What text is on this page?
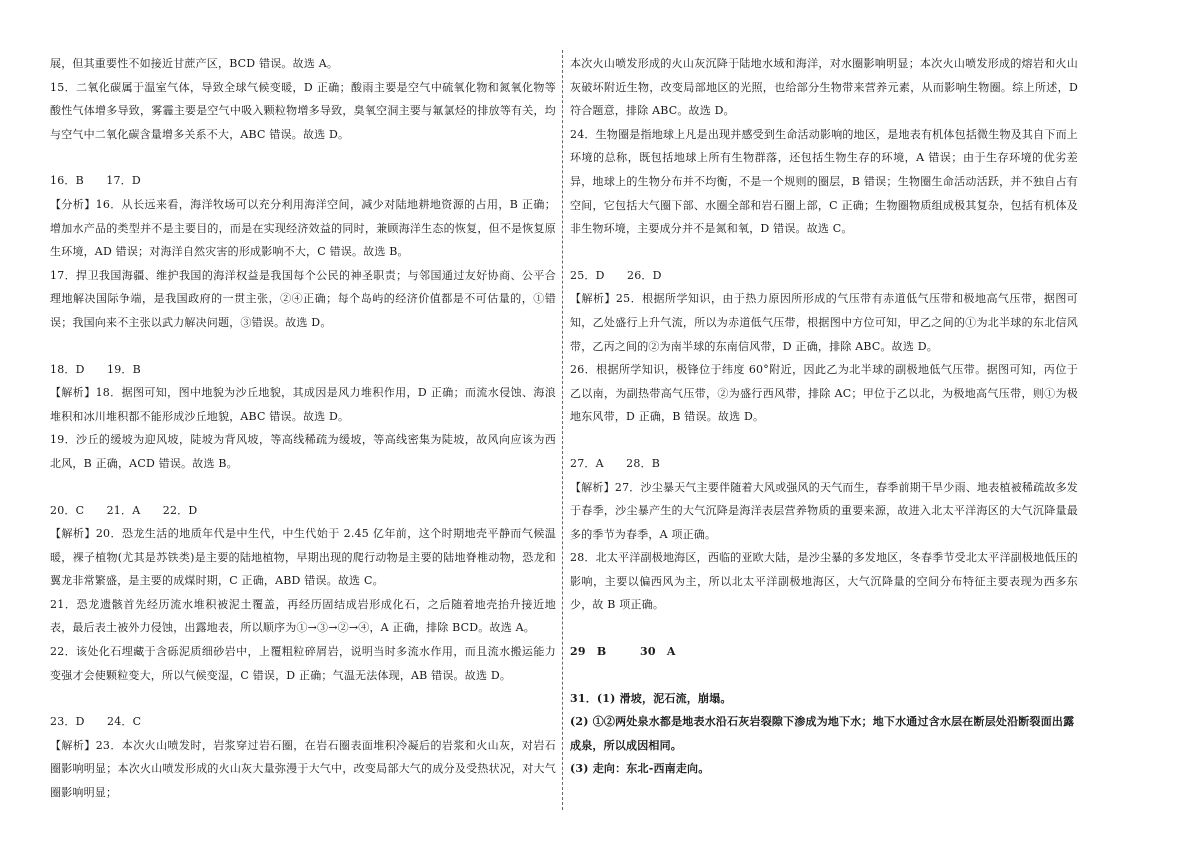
展，但其重要性不如接近甘蔗产区，BCD 错误。故选 A。

15．二氧化碳属于温室气体，导致全球气候变暖，D 正确；酸雨主要是空气中硫氧化物和氮氧化物等酸性气体增多导致，雾霾主要是空气中吸入颗粒物增多导致，臭氧空洞主要与氟氯烃的排放等有关，均与空气中二氧化碳含量增多关系不大，ABC 错误。故选 D。

16．B　　17．D

【分析】16．从长远来看，海洋牧场可以充分利用海洋空间，减少对陆地耕地资源的占用，B 正确；增加水产品的类型并不是主要目的，而是在实现经济效益的同时，兼顾海洋生态的恢复，但不是恢复原生环境，AD 错误；对海洋自然灾害的形成影响不大，C 错误。故选 B。

17．捍卫我国海疆、维护我国的海洋权益是我国每个公民的神圣职责；与邻国通过友好协商、公平合理地解决国际争端，是我国政府的一贯主张，②④正确；每个岛屿的经济价值都是不可估量的，①错误；我国向来不主张以武力解决问题，③错误。故选 D。

18．D　　19．B

【解析】18．据图可知，图中地貌为沙丘地貌，其成因是风力堆积作用，D 正确；而流水侵蚀、海浪堆积和冰川堆积都不能形成沙丘地貌，ABC 错误。故选 D。

19．沙丘的缓坡为迎风坡，陡坡为背风坡，等高线稀疏为缓坡，等高线密集为陡坡，故风向应该为西北风，B 正确，ACD 错误。故选 B。

20．C　　21．A　　22．D

【解析】20．恐龙生活的地质年代是中生代，中生代始于 2.45 亿年前，这个时期地壳平静而气候温暖，裸子植物(尤其是苏铁类)是主要的陆地植物，早期出现的爬行动物是主要的陆地脊椎动物，恐龙和翼龙非常繁盛，是主要的成煤时期，C 正确，ABD 错误。故选 C。

21．恐龙遗骸首先经历流水堆积被泥土覆盖，再经历固结成岩形成化石，之后随着地壳抬升接近地表，最后表土被外力侵蚀，出露地表，所以顺序为①→③→②→④，A 正确，排除 BCD。故选 A。

22．该处化石埋藏于含砾泥质细砂岩中，上覆粗粒碎屑岩，说明当时多流水作用，而且流水搬运能力变强才会使颗粒变大，所以气候变湿，C 错误，D 正确；气温无法体现，AB 错误。故选 D。

23．D　　24．C

【解析】23．本次火山喷发时，岩浆穿过岩石圈，在岩石圈表面堆积冷凝后的岩浆和火山灰，对岩石圈影响明显；本次火山喷发形成的火山灰大量弥漫于大气中，改变局部大气的成分及受热状况，对大气圈影响明显；

本次火山喷发形成的火山灰沉降于陆地水域和海洋，对水圈影响明显；本次火山喷发形成的熔岩和火山灰破坏附近生物，改变局部地区的光照，也给部分生物带来营养元素，从而影响生物圈。综上所述，D 符合题意，排除 ABC。故选 D。

24．生物圈是指地球上凡是出现并感受到生命活动影响的地区，是地表有机体包括微生物及其自下而上环境的总称，既包括地球上所有生物群落，还包括生物生存的环境，A 错误；由于生存环境的优劣差异，地球上的生物分布并不均衡，不是一个规则的圈层，B 错误；生物圈生命活动活跃，并不独自占有空间，它包括大气圈下部、水圈全部和岩石圈上部，C 正确；生物圈物质组成极其复杂，包括有机体及非生物环境，主要成分并不是氮和氧，D 错误。故选 C。

25．D　　26．D

【解析】25．根据所学知识，由于热力原因所形成的气压带有赤道低气压带和极地高气压带，据图可知，乙处盛行上升气流，所以为赤道低气压带，根据图中方位可知，甲乙之间的①为北半球的东北信风带，乙丙之间的②为南半球的东南信风带，D 正确，排除 ABC。故选 D。

26．根据所学知识，极锋位于纬度 60°附近，因此乙为北半球的副极地低气压带。据图可知，丙位于乙以南，为副热带高气压带，②为盛行西风带，排除 AC；甲位于乙以北，为极地高气压带，则①为极地东风带，D 正确，B 错误。故选 D。

27．A　　28．B

【解析】27．沙尘暴天气主要伴随着大风或强风的天气而生，春季前期干旱少雨、地表植被稀疏故多发于春季，沙尘暴产生的大气沉降是海洋表层营养物质的重要来源，故进入北太平洋海区的大气沉降量最多的季节为春季，A 项正确。

28．北太平洋副极地海区，西临的亚欧大陆，是沙尘暴的多发地区，冬春季节受北太平洋副极地低压的影响，主要以偏西风为主，所以北太平洋副极地海区，大气沉降量的空间分布特征主要表现为西多东少，故 B 项正确。

29　B　　　30　A

31．(1) 滑坡，泥石流，崩塌。

(2) ①②两处泉水都是地表水沿石灰岩裂隙下渗成为地下水；地下水通过含水层在断层处沿断裂面出露成泉，所以成因相同。

(3) 走向：东北-西南走向。
